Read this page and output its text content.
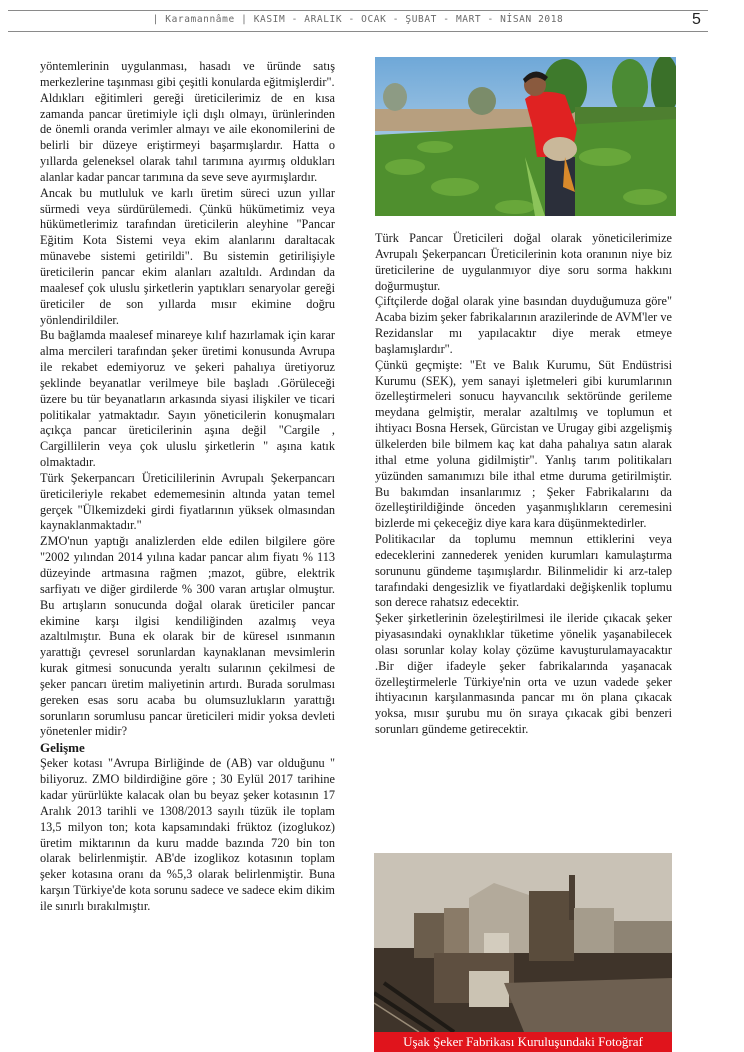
| Karamannâme | KASIM - ARALIK - OCAK - ŞUBAT - MART - NİSAN 2018	5

yöntemlerinin uygulanması, hasadı ve üründe satış merkezlerine taşınması gibi çeşitli konularda eğitmişlerdir".

Aldıkları eğitimleri gereği üreticilerimiz de en kısa zamanda pancar üretimiyle içli dışlı olmayı, ürünlerinden de önemli oranda verimler almayı ve aile ekonomilerini de belirli bir düzeye eriştirmeyi başarmışlardır. Hatta o yıllarda geleneksel olarak tahıl tarımına ayırmış oldukları alanlar kadar pancar tarımına da seve seve ayırmışlardır.

Ancak bu mutluluk ve karlı üretim süreci uzun yıllar sürmedi veya sürdürülemedi. Çünkü hükümetimiz veya hükümetlerimiz tarafından üreticilerin aleyhine "Pancar Eğitim Kota Sistemi veya ekim alanlarını daraltacak münavebe sistemi getirildi". Bu sistemin getirilişiyle üreticilerin pancar ekim alanları azaltıldı. Ardından da maalesef çok uluslu şirketlerin yaptıkları senaryolar gereği üreticiler de son yıllarda mısır ekimine doğru yönlendirildiler.

Bu bağlamda maalesef minareye kılıf hazırlamak için karar alma mercileri tarafından şeker üretimi konusunda Avrupa ile rekabet edemiyoruz ve şekeri pahalıya üretiyoruz şeklinde beyanatlar verilmeye bile başladı .Görüleceği üzere bu tür beyanatların arkasında siyasi ilişkiler ve ticari politikalar yatmaktadır. Sayın yöneticilerin konuşmaları açıkça pancar üreticilerinin aşına değil "Cargile , Cargillilerin veya çok uluslu şirketlerin " aşına katık olmaktadır.

Türk Şekerpancarı Üreticililerinin Avrupalı Şekerpancarı üreticileriyle rekabet edememesinin altında yatan temel gerçek "Ülkemizdeki girdi fiyatlarının yüksek olmasından kaynaklanmaktadır."

ZMO'nun yaptığı analizlerden elde edilen bilgilere göre "2002 yılından 2014 yılına kadar pancar alım fiyatı % 113 düzeyinde artmasına rağmen ;mazot, gübre, elektrik sarfiyatı ve diğer girdilerde % 300 varan artışlar olmuştur. Bu artışların sonucunda doğal olarak üreticiler pancar ekimine karşı ilgisi kendiliğinden azalmış veya azaltılmıştır. Buna ek olarak bir de küresel ısınmanın yarattığı çevresel sorunlardan kaynaklanan mevsimlerin kurak gitmesi sonucunda yeraltı sularının çekilmesi de şeker pancarı üretim maliyetinin artırdı. Burada sorulması gereken esas soru acaba bu olumsuzlukların yarattığı sorunların sorumlusu pancar üreticileri midir yoksa devleti yönetenler midir?

Gelişme

Şeker kotası "Avrupa Birliğinde de (AB) var olduğunu " biliyoruz. ZMO bildirdiğine göre ; 30 Eylül 2017 tarihine kadar yürürlükte kalacak olan bu beyaz şeker kotasının 17 Aralık 2013 tarihli ve 1308/2013 sayılı tüzük ile toplam 13,5 milyon ton; kota kapsamındaki früktoz (izoglukoz) üretim miktarının da kuru madde bazında 720 bin ton olarak belirlenmiştir. AB'de izoglikoz kotasının toplam şeker kotasına oranı da %5,3 olarak belirlenmiştir. Buna karşın Türkiye'de kota sorunu sadece ve sadece ekim dikim ile sınırlı bırakılmıştır.

Türk Pancar Üreticileri doğal olarak yöneticilerimize Avrupalı Şekerpancarı Üreticilerinin kota oranının niye biz üreticilerine de uygulanmıyor diye soru sorma hakkını doğurmuştur.

Çiftçilerde doğal olarak yine basından duyduğumuza göre" Acaba bizim şeker fabrikalarının arazilerinde de AVM'ler ve Rezidanslar mı yapılacaktır diye merak etmeye başlamışlardır".

Çünkü geçmişte: "Et ve Balık Kurumu, Süt Endüstrisi Kurumu (SEK), yem sanayi işletmeleri gibi kurumlarının özelleştirmeleri sonucu hayvancılık sektöründe gerileme meydana gelmiştir, meralar azaltılmış ve toplumun et ihtiyacı Bosna Hersek, Gürcistan ve Urugay gibi azgelişmiş ülkelerden bile bilmem kaç kat daha pahalıya satın alarak ithal etme yoluna gidilmiştir". Yanlış tarım politikaları yüzünden samanımızı bile ithal etme duruma getirilmiştir. Bu bakımdan insanlarımız ; Şeker Fabrikalarını da özelleştirildiğinde önceden yaşanmışlıkların ceremesini bizlerde mi çekeceğiz diye kara kara düşünmektedirler.

Politikacılar da toplumu memnun ettiklerini veya edeceklerini zannederek yeniden kurumları kamulaştırma sorununu gündeme taşımışlardır. Bilinmelidir ki arz-talep tarafındaki dengesizlik ve fiyatlardaki değişkenlik toplumu son derece rahatsız edecektir.

Şeker şirketlerinin özeleştirilmesi ile ileride çıkacak şeker piyasasındaki oynaklıklar tüketime yönelik yaşanabilecek olası sorunlar kolay kolay çözüme kavuşturulamayacaktır .Bir diğer ifadeyle şeker fabrikalarında yaşanacak özelleştirmelerle Türkiye'nin orta ve uzun vadede şeker ihtiyacının karşılanmasında pancar mı ön plana çıkacak yoksa, mısır şurubu mu ön sıraya çıkacak gibi benzeri sorunları gündeme getirecektir.

Uşak Şeker Fabrikası Kuruluşundaki Fotoğraf
